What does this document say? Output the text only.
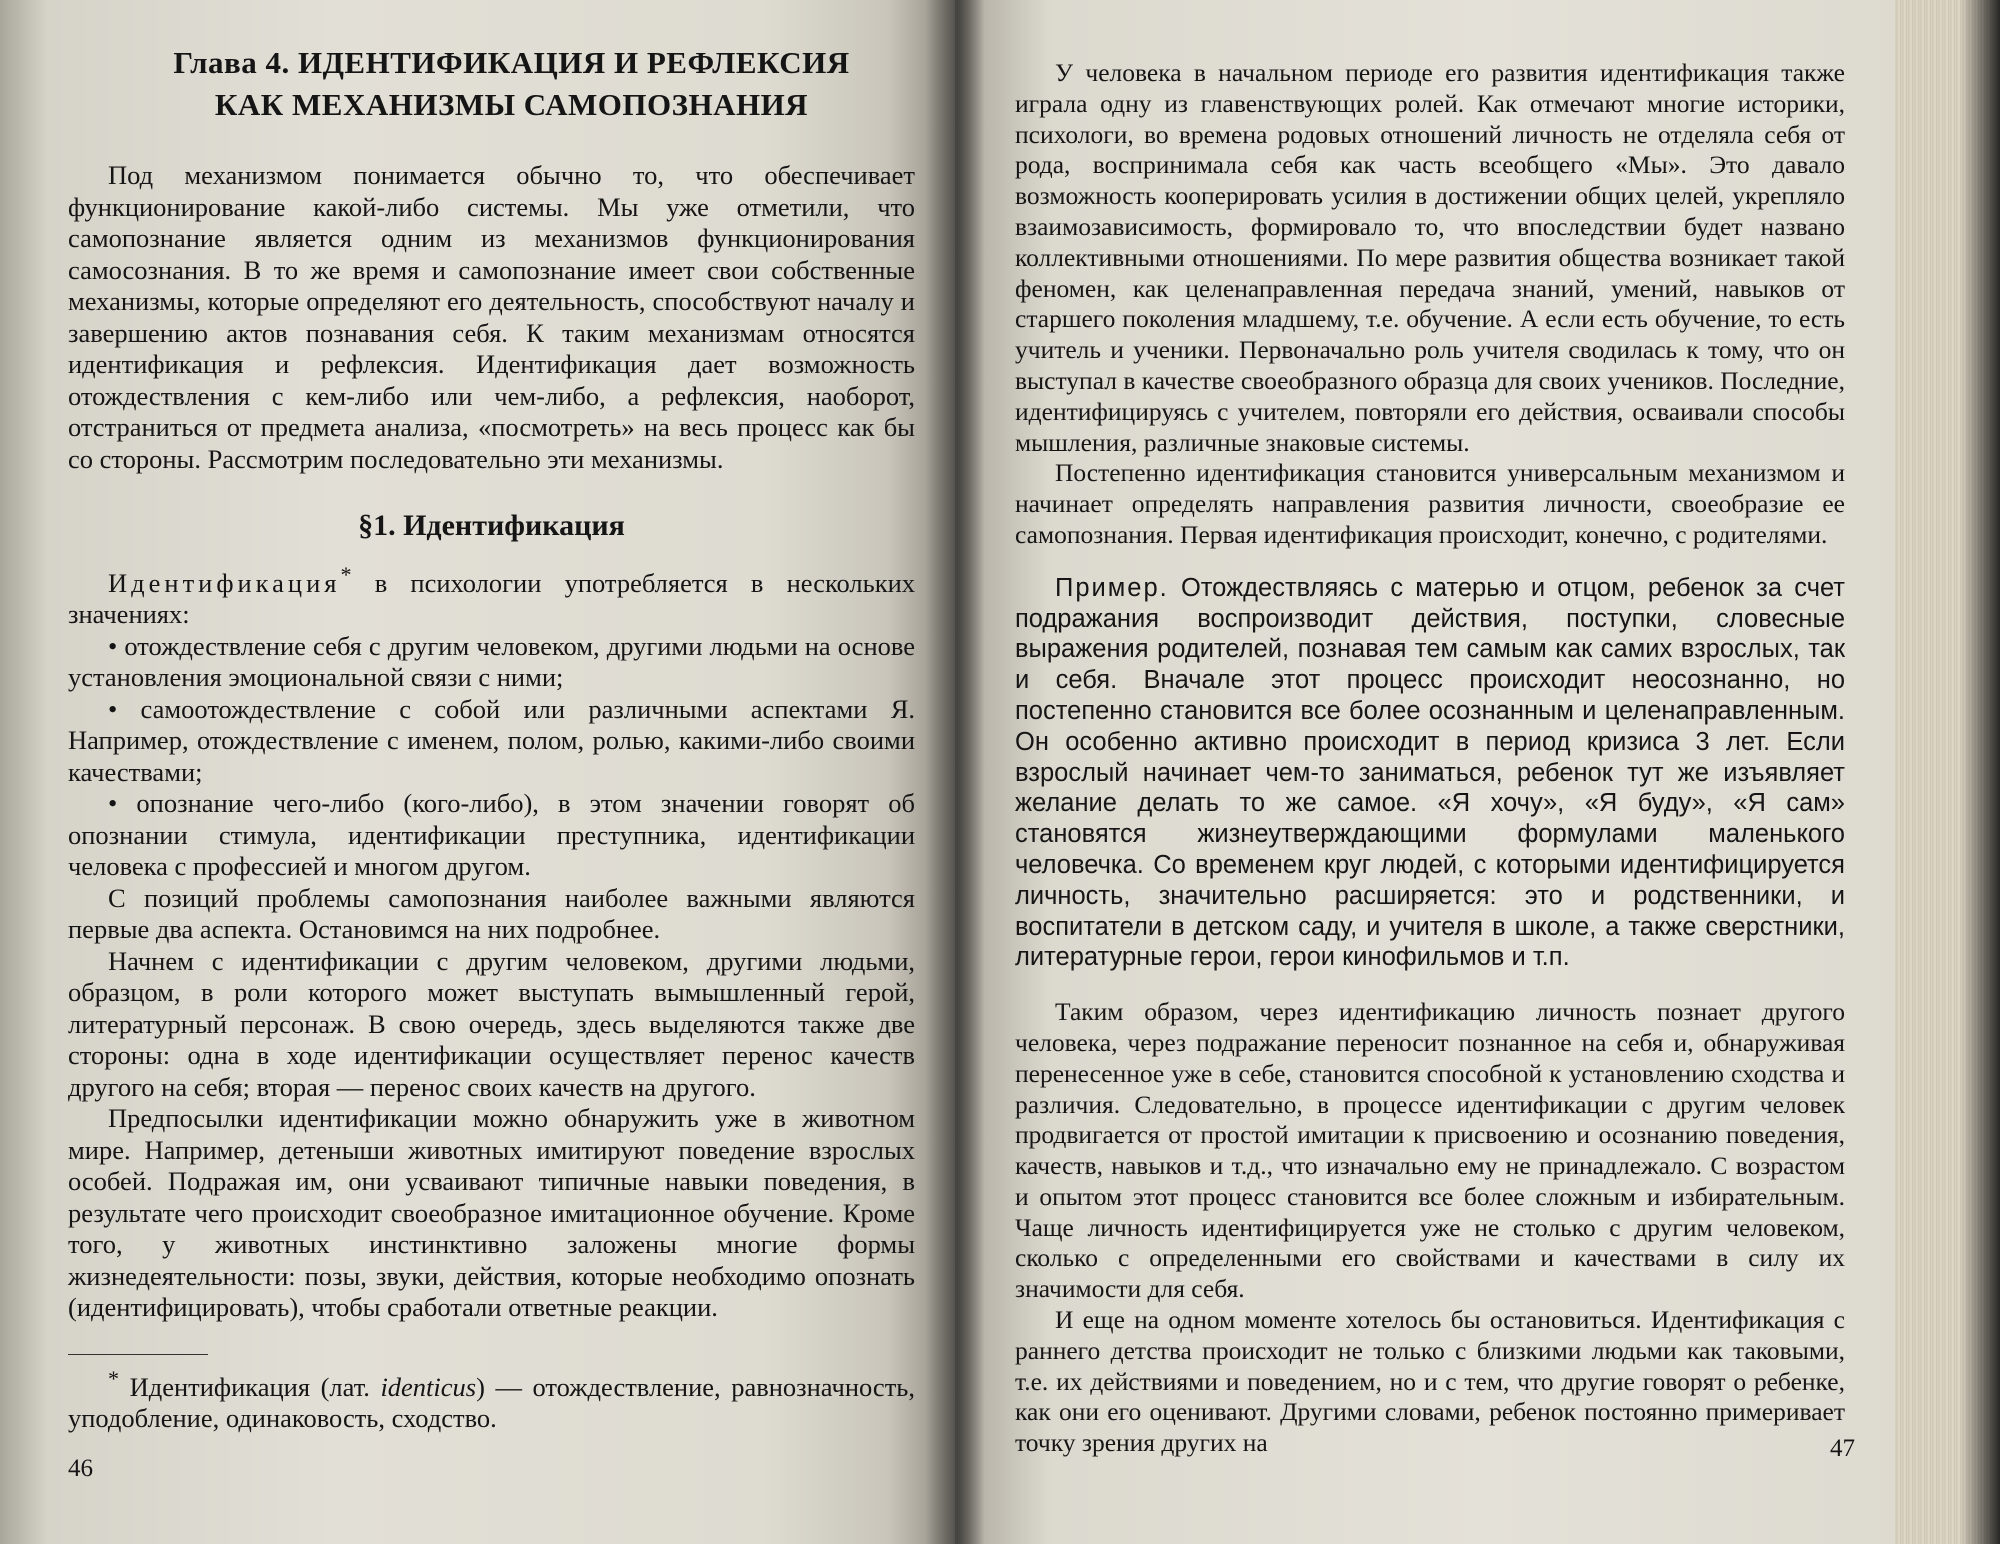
Глава 4. ИДЕНТИФИКАЦИЯ И РЕФЛЕКСИЯ
КАК МЕХАНИЗМЫ САМОПОЗНАНИЯ

Под механизмом понимается обычно то, что обеспечивает функционирование какой-либо системы. Мы уже отметили, что самопознание является одним из механизмов функционирования самосознания. В то же время и самопознание имеет свои собственные механизмы, которые определяют его деятельность, способствуют началу и завершению актов познавания себя. К таким механизмам относятся идентификация и рефлексия. Идентификация дает возможность отождествления с кем-либо или чем-либо, а рефлексия, наоборот, отстраниться от предмета анализа, «посмотреть» на весь процесс как бы со стороны. Рассмотрим последовательно эти механизмы.

§1. Идентификация

Идентификация* в психологии употребляется в нескольких значениях:

• отождествление себя с другим человеком, другими людьми на основе установления эмоциональной связи с ними;
• самоотождествление с собой или различными аспектами Я. Например, отождествление с именем, полом, ролью, какими-либо своими качествами;
• опознание чего-либо (кого-либо), в этом значении говорят об опознании стимула, идентификации преступника, идентификации человека с профессией и многом другом.

С позиций проблемы самопознания наиболее важными являются первые два аспекта. Остановимся на них подробнее.

Начнем с идентификации с другим человеком, другими людьми, образцом, в роли которого может выступать вымышленный герой, литературный персонаж. В свою очередь, здесь выделяются также две стороны: одна в ходе идентификации осуществляет перенос качеств другого на себя; вторая — перенос своих качеств на другого.

Предпосылки идентификации можно обнаружить уже в животном мире. Например, детеныши животных имитируют поведение взрослых особей. Подражая им, они усваивают типичные навыки поведения, в результате чего происходит своеобразное имитационное обучение. Кроме того, у животных инстинктивно заложены многие формы жизнедеятельности: позы, звуки, действия, которые необходимо опознать (идентифицировать), чтобы сработали ответные реакции.

* Идентификация (лат. identicus) — отождествление, равнозначность, уподобление, одинаковость, сходство.

46

У человека в начальном периоде его развития идентификация также играла одну из главенствующих ролей. Как отмечают многие историки, психологи, во времена родовых отношений личность не отделяла себя от рода, воспринимала себя как часть всеобщего «Мы». Это давало возможность кооперировать усилия в достижении общих целей, укрепляло взаимозависимость, формировало то, что впоследствии будет названо коллективными отношениями. По мере развития общества возникает такой феномен, как целенаправленная передача знаний, умений, навыков от старшего поколения младшему, т.е. обучение. А если есть обучение, то есть учитель и ученики. Первоначально роль учителя сводилась к тому, что он выступал в качестве своеобразного образца для своих учеников. Последние, идентифицируясь с учителем, повторяли его действия, осваивали способы мышления, различные знаковые системы.

Постепенно идентификация становится универсальным механизмом и начинает определять направления развития личности, своеобразие ее самопознания. Первая идентификация происходит, конечно, с родителями.

Пример. Отождествляясь с матерью и отцом, ребенок за счет подражания воспроизводит действия, поступки, словесные выражения родителей, познавая тем самым как самих взрослых, так и себя. Вначале этот процесс происходит неосознанно, но постепенно становится все более осознанным и целенаправленным. Он особенно активно происходит в период кризиса 3 лет. Если взрослый начинает чем-то заниматься, ребенок тут же изъявляет желание делать то же самое. «Я хочу», «Я буду», «Я сам» становятся жизнеутверждающими формулами маленького человечка. Со временем круг людей, с которыми идентифицируется личность, значительно расширяется: это и родственники, и воспитатели в детском саду, и учителя в школе, а также сверстники, литературные герои, герои кинофильмов и т.п.

Таким образом, через идентификацию личность познает другого человека, через подражание переносит познанное на себя и, обнаруживая перенесенное уже в себе, становится способной к установлению сходства и различия. Следовательно, в процессе идентификации с другим человек продвигается от простой имитации к присвоению и осознанию поведения, качеств, навыков и т.д., что изначально ему не принадлежало. С возрастом и опытом этот процесс становится все более сложным и избирательным. Чаще личность идентифицируется уже не столько с другим человеком, сколько с определенными его свойствами и качествами в силу их значимости для себя.

И еще на одном моменте хотелось бы остановиться. Идентификация с раннего детства происходит не только с близкими людьми как таковыми, т.е. их действиями и поведением, но и с тем, что другие говорят о ребенке, как они его оценивают. Другими словами, ребенок постоянно примеривает точку зрения других на	47
